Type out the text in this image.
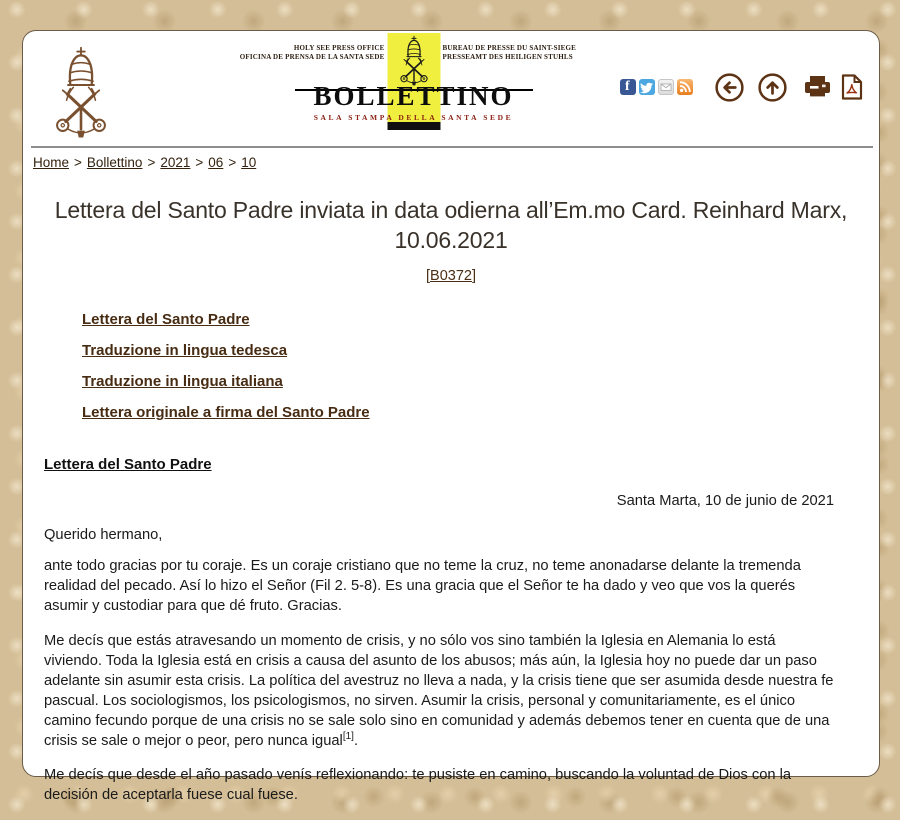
HOLY SEE PRESS OFFICE
OFICINA DE PRENSA DE LA SANTA SEDE
BUREAU DE PRESSE DU SAINT-SIEGE
PRESSEAMT DES HEILIGEN STUHLS
BOLLETTINO
SALA STAMPA DELLA SANTA SEDE
f
Home > Bollettino > 2021 > 06 > 10
Lettera del Santo Padre inviata in data odierna all’Em.mo Card. Reinhard Marx, 10.06.2021
[B0372]
Lettera del Santo Padre
Traduzione in lingua tedesca
Traduzione in lingua italiana
Lettera originale a firma del Santo Padre
Lettera del Santo Padre
Santa Marta, 10 de junio de 2021
Querido hermano,

ante todo gracias por tu coraje. Es un coraje cristiano que no teme la cruz, no teme anonadarse delante la tremenda realidad del pecado. Así lo hizo el Señor (Fil 2. 5-8). Es una gracia que el Señor te ha dado y veo que vos la querés asumir y custodiar para que dé fruto. Gracias.

Me decís que estás atravesando un momento de crisis, y no sólo vos sino también la Iglesia en Alemania lo está viviendo. Toda la Iglesia está en crisis a causa del asunto de los abusos; más aún, la Iglesia hoy no puede dar un paso adelante sin asumir esta crisis. La política del avestruz no lleva a nada, y la crisis tiene que ser asumida desde nuestra fe pascual. Los sociologismos, los psicologismos, no sirven. Asumir la crisis, personal y comunitariamente, es el único camino fecundo porque de una crisis no se sale solo sino en comunidad y además debemos tener en cuenta que de una crisis se sale o mejor o peor, pero nunca igual[1].

Me decís que desde el año pasado venís reflexionando: te pusiste en camino, buscando la voluntad de Dios con la decisión de aceptarla fuese cual fuese.
